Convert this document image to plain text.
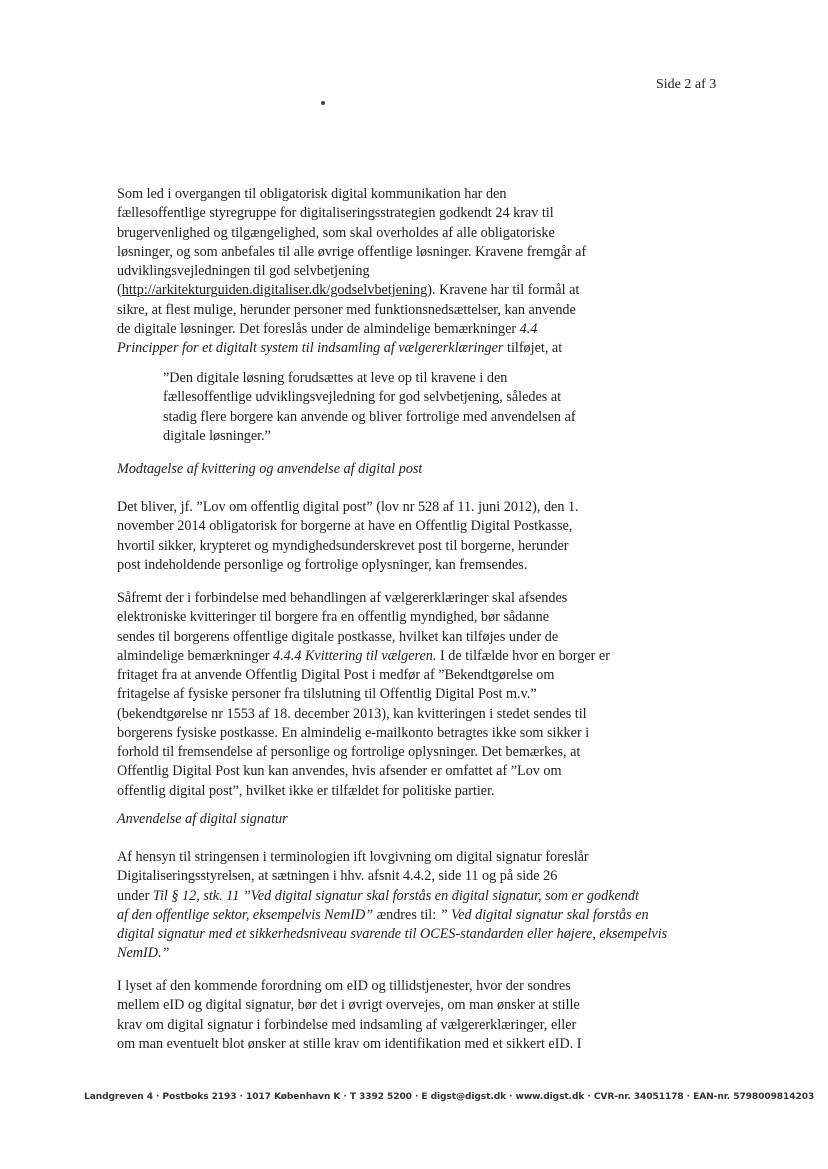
Side 2 af 3
Som led i overgangen til obligatorisk digital kommunikation har den
fællesoffentlige styregruppe for digitaliseringsstrategien godkendt 24 krav til
brugervenlighed og tilgængelighed, som skal overholdes af alle obligatoriske
løsninger, og som anbefales til alle øvrige offentlige løsninger. Kravene fremgår af
udviklingsvejledningen til god selvbetjening
(http://arkitekturguiden.digitaliser.dk/godselvbetjening). Kravene har til formål at
sikre, at flest mulige, herunder personer med funktionsnedsættelser, kan anvende
de digitale løsninger. Det foreslås under de almindelige bemærkninger 4.4
Principper for et digitalt system til indsamling af vælgererklæringer tilføjet, at
”Den digitale løsning forudsættes at leve op til kravene i den
fællesoffentlige udviklingsvejledning for god selvbetjening, således at
stadig flere borgere kan anvende og bliver fortrolige med anvendelsen af
digitale løsninger.”
Modtagelse af kvittering og anvendelse af digital post
Det bliver, jf. ”Lov om offentlig digital post” (lov nr 528 af 11. juni 2012), den 1.
november 2014 obligatorisk for borgerne at have en Offentlig Digital Postkasse,
hvortil sikker, krypteret og myndighedsunderskrevet post til borgerne, herunder
post indeholdende personlige og fortrolige oplysninger, kan fremsendes.
Såfremt der i forbindelse med behandlingen af vælgererklæringer skal afsendes
elektroniske kvitteringer til borgere fra en offentlig myndighed, bør sådanne
sendes til borgerens offentlige digitale postkasse, hvilket kan tilføjes under de
almindelige bemærkninger 4.4.4 Kvittering til vælgeren. I de tilfælde hvor en borger er
fritaget fra at anvende Offentlig Digital Post i medfør af ”Bekendtgørelse om
fritagelse af fysiske personer fra tilslutning til Offentlig Digital Post m.v.”
(bekendtgørelse nr 1553 af 18. december 2013), kan kvitteringen i stedet sendes til
borgerens fysiske postkasse. En almindelig e-mailkonto betragtes ikke som sikker i
forhold til fremsendelse af personlige og fortrolige oplysninger. Det bemærkes, at
Offentlig Digital Post kun kan anvendes, hvis afsender er omfattet af ”Lov om
offentlig digital post”, hvilket ikke er tilfældet for politiske partier.
Anvendelse af digital signatur
Af hensyn til stringensen i terminologien ift lovgivning om digital signatur foreslår
Digitaliseringsstyrelsen, at sætningen i hhv. afsnit 4.4.2, side 11 og på side 26
under Til § 12, stk. 11 ”Ved digital signatur skal forstås en digital signatur, som er godkendt
af den offentlige sektor, eksempelvis NemID” ændres til: ” Ved digital signatur skal forstås en
digital signatur med et sikkerhedsniveau svarende til OCES-standarden eller højere, eksempelvis
NemID.”
I lyset af den kommende forordning om eID og tillidstjenester, hvor der sondres
mellem eID og digital signatur, bør det i øvrigt overvejes, om man ønsker at stille
krav om digital signatur i forbindelse med indsamling af vælgererklæringer, eller
om man eventuelt blot ønsker at stille krav om identifikation med et sikkert eID. I
Landgreven 4 · Postboks 2193 · 1017 København K · T 3392 5200 · E digst@digst.dk · www.digst.dk · CVR-nr. 34051178 · EAN-nr. 5798009814203
